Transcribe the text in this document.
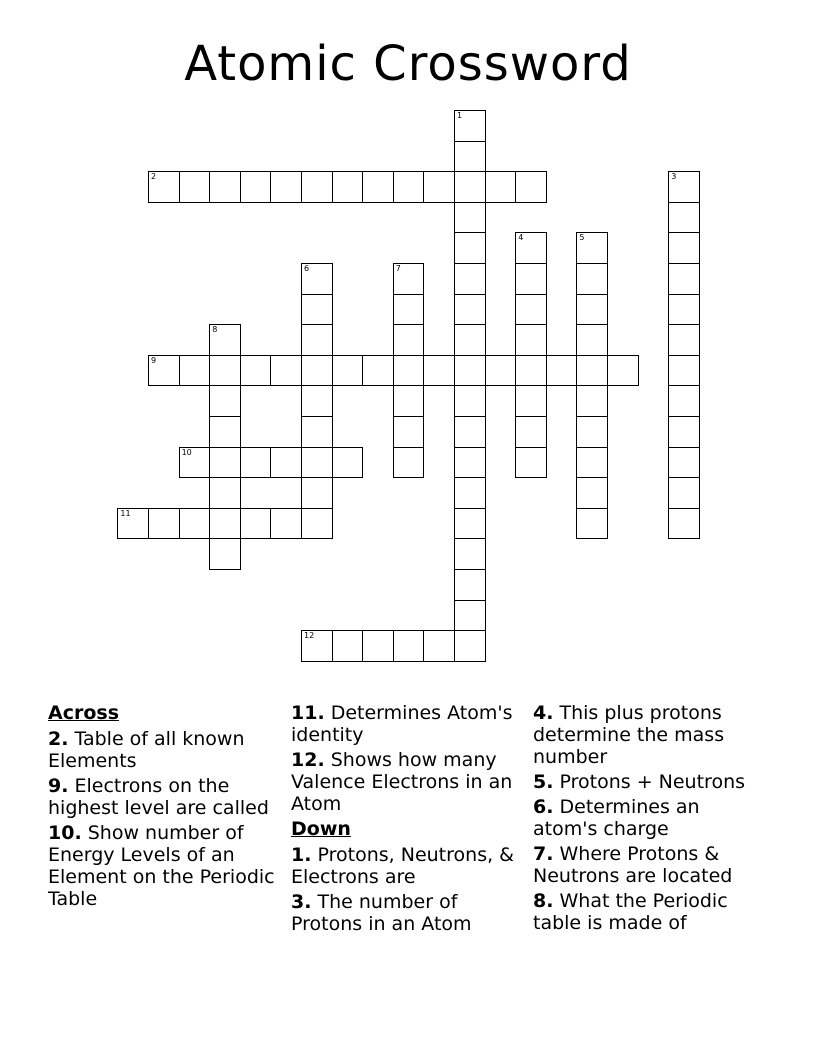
Atomic Crossword
1
2	3
4	5
6	7
8
9
10
11
12
Across
2. Table of all known Elements
9. Electrons on the highest level are called
10. Show number of Energy Levels of an Element on the Periodic Table
11. Determines Atom's identity
12. Shows how many Valence Electrons in an Atom
Down
1. Protons, Neutrons, & Electrons are
3. The number of Protons in an Atom
4. This plus protons determine the mass number
5. Protons + Neutrons
6. Determines an atom's charge
7. Where Protons & Neutrons are located
8. What the Periodic table is made of
